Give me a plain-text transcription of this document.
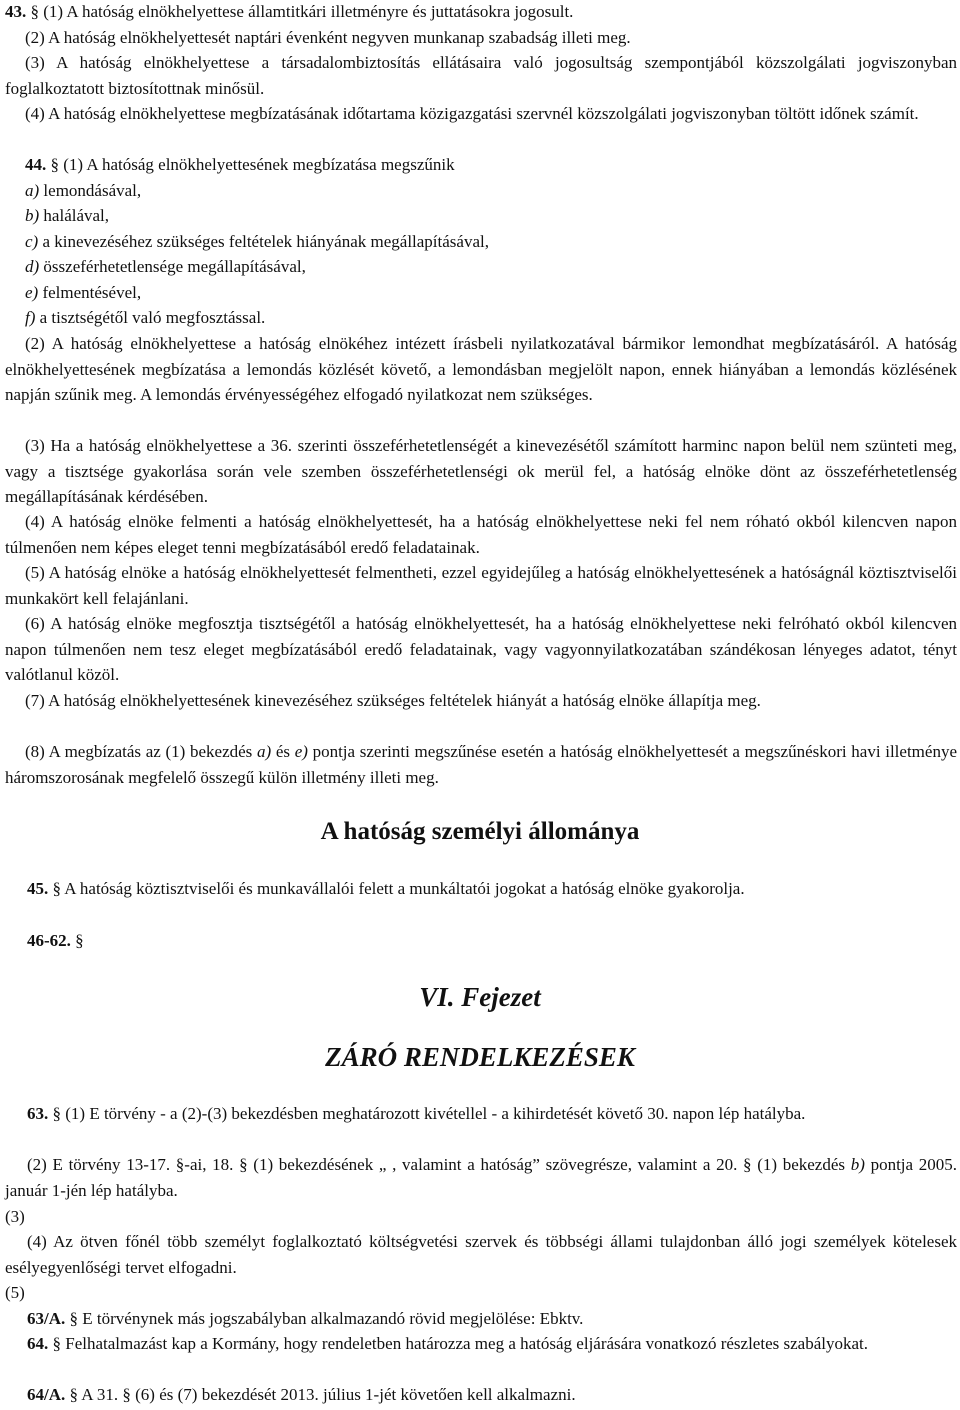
43. § (1) A hatóság elnökhelyettese államtitkári illetményre és juttatásokra jogosult.

(2) A hatóság elnökhelyettesét naptári évenként negyven munkanap szabadság illeti meg.

(3) A hatóság elnökhelyettese a társadalombiztosítás ellátásaira való jogosultság szempontjából közszolgálati jogviszonyban foglalkoztatott biztosítottnak minősül.

(4) A hatóság elnökhelyettese megbízatásának időtartama közigazgatási szervnél közszolgálati jogviszonyban töltött időnek számít.

44. § (1) A hatóság elnökhelyettesének megbízatása megszűnik

a) lemondásával,

b) halálával,

c) a kinevezéséhez szükséges feltételek hiányának megállapításával,

d) összeférhetetlensége megállapításával,

e) felmentésével,

f) a tisztségétől való megfosztással.

(2) A hatóság elnökhelyettese a hatóság elnökéhez intézett írásbeli nyilatkozatával bármikor lemondhat megbízatásáról. A hatóság elnökhelyettesének megbízatása a lemondás közlését követő, a lemondásban megjelölt napon, ennek hiányában a lemondás közlésének napján szűnik meg. A lemondás érvényességéhez elfogadó nyilatkozat nem szükséges.

(3) Ha a hatóság elnökhelyettese a 36. szerinti összeférhetetlenségét a kinevezésétől számított harminc napon belül nem szünteti meg, vagy a tisztsége gyakorlása során vele szemben összeférhetetlenségi ok merül fel, a hatóság elnöke dönt az összeférhetetlenség megállapításának kérdésében.

(4) A hatóság elnöke felmenti a hatóság elnökhelyettesét, ha a hatóság elnökhelyettese neki fel nem róható okból kilencven napon túlmenően nem képes eleget tenni megbízatásából eredő feladatainak.

(5) A hatóság elnöke a hatóság elnökhelyettesét felmentheti, ezzel egyidejűleg a hatóság elnökhelyettesének a hatóságnál köztisztviselői munkakört kell felajánlani.

(6) A hatóság elnöke megfosztja tisztségétől a hatóság elnökhelyettesét, ha a hatóság elnökhelyettese neki felróható okból kilencven napon túlmenően nem tesz eleget megbízatásából eredő feladatainak, vagy vagyonnyilatkozatában szándékosan lényeges adatot, tényt valótlanul közöl.

(7) A hatóság elnökhelyettesének kinevezéséhez szükséges feltételek hiányát a hatóság elnöke állapítja meg.

(8) A megbízatás az (1) bekezdés a) és e) pontja szerinti megszűnése esetén a hatóság elnökhelyettesét a megszűnéskori havi illetménye háromszorosának megfelelő összegű külön illetmény illeti meg.

A hatóság személyi állománya

45. § A hatóság köztisztviselői és munkavállalói felett a munkáltatói jogokat a hatóság elnöke gyakorolja.

46-62. §

VI. Fejezet
ZÁRÓ RENDELKEZÉSEK

63. § (1) E törvény - a (2)-(3) bekezdésben meghatározott kivétellel - a kihirdetését követő 30. napon lép hatályba.

(2) E törvény 13-17. §-ai, 18. § (1) bekezdésének „ , valamint a hatóság” szövegrésze, valamint a 20. § (1) bekezdés b) pontja 2005. január 1-jén lép hatályba.

(3)

(4) Az ötven főnél több személyt foglalkoztató költségvetési szervek és többségi állami tulajdonban álló jogi személyek kötelesek esélyegyenlőségi tervet elfogadni.

(5)

63/A. § E törvénynek más jogszabályban alkalmazandó rövid megjelölése: Ebktv.

64. § Felhatalmazást kap a Kormány, hogy rendeletben határozza meg a hatóság eljárására vonatkozó részletes szabályokat.

64/A. § A 31. § (6) és (7) bekezdését 2013. július 1-jét követően kell alkalmazni.
